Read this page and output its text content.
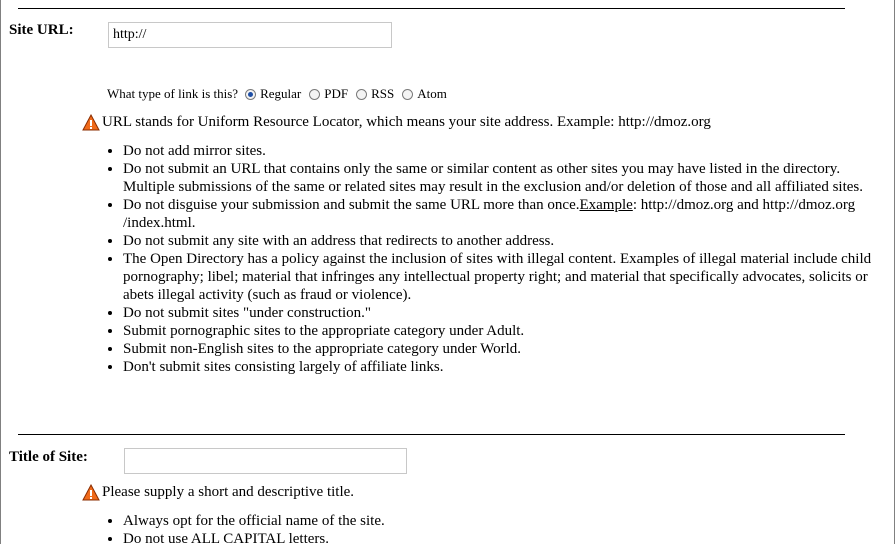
Site URL:
http://
What type of link is this? Regular PDF RSS Atom
URL stands for Uniform Resource Locator, which means your site address. Example: http://dmoz.org
• Do not add mirror sites.
• Do not submit an URL that contains only the same or similar content as other sites you may have listed in the directory. Multiple submissions of the same or related sites may result in the exclusion and/or deletion of those and all affiliated sites.
• Do not disguise your submission and submit the same URL more than once.Example: http://dmoz.org and http://dmoz.org /index.html.
• Do not submit any site with an address that redirects to another address.
• The Open Directory has a policy against the inclusion of sites with illegal content. Examples of illegal material include child pornography; libel; material that infringes any intellectual property right; and material that specifically advocates, solicits or abets illegal activity (such as fraud or violence).
• Do not submit sites "under construction."
• Submit pornographic sites to the appropriate category under Adult.
• Submit non-English sites to the appropriate category under World.
• Don't submit sites consisting largely of affiliate links.
Title of Site:
Please supply a short and descriptive title.
• Always opt for the official name of the site.
• Do not use ALL CAPITAL letters.
